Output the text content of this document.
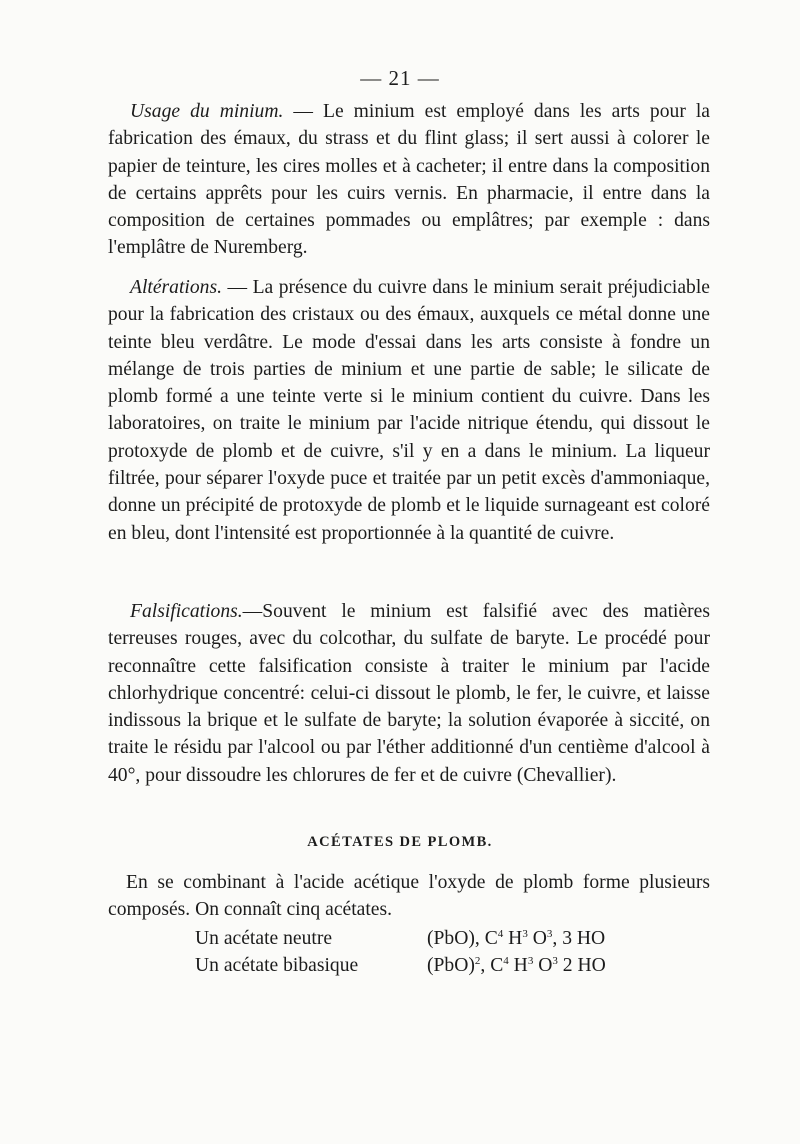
— 21 —
Usage du minium. — Le minium est employé dans les arts pour la fabrication des émaux, du strass et du flint glass; il sert aussi à colorer le papier de teinture, les cires molles et à cacheter; il entre dans la composition de certains apprêts pour les cuirs vernis. En pharmacie, il entre dans la composition de certaines pommades ou emplâtres; par exemple : dans l'emplâtre de Nuremberg.
Altérations. — La présence du cuivre dans le minium serait préjudiciable pour la fabrication des cristaux ou des émaux, auxquels ce métal donne une teinte bleu verdâtre. Le mode d'essai dans les arts consiste à fondre un mélange de trois parties de minium et une partie de sable; le silicate de plomb formé a une teinte verte si le minium contient du cuivre. Dans les laboratoires, on traite le minium par l'acide nitrique étendu, qui dissout le protoxyde de plomb et de cuivre, s'il y en a dans le minium. La liqueur filtrée, pour séparer l'oxyde puce et traitée par un petit excès d'ammoniaque, donne un précipité de protoxyde de plomb et le liquide surnageant est coloré en bleu, dont l'intensité est proportionnée à la quantité de cuivre.
Falsifications.—Souvent le minium est falsifié avec des matières terreuses rouges, avec du colcothar, du sulfate de baryte. Le procédé pour reconnaître cette falsification consiste à traiter le minium par l'acide chlorhydrique concentré: celui-ci dissout le plomb, le fer, le cuivre, et laisse indissous la brique et le sulfate de baryte; la solution évaporée à siccité, on traite le résidu par l'alcool ou par l'éther additionné d'un centième d'alcool à 40°, pour dissoudre les chlorures de fer et de cuivre (Chevallier).
ACÉTATES DE PLOMB.
En se combinant à l'acide acétique l'oxyde de plomb forme plusieurs composés. On connaît cinq acétates.
Un acétate neutre	(PbO), $C^4$ $H^3$ $O^3$, 3 HO
Un acétate bibasique	(PbO)$^2$, $C^4$ $H^3$ $O^3$ 2 HO
